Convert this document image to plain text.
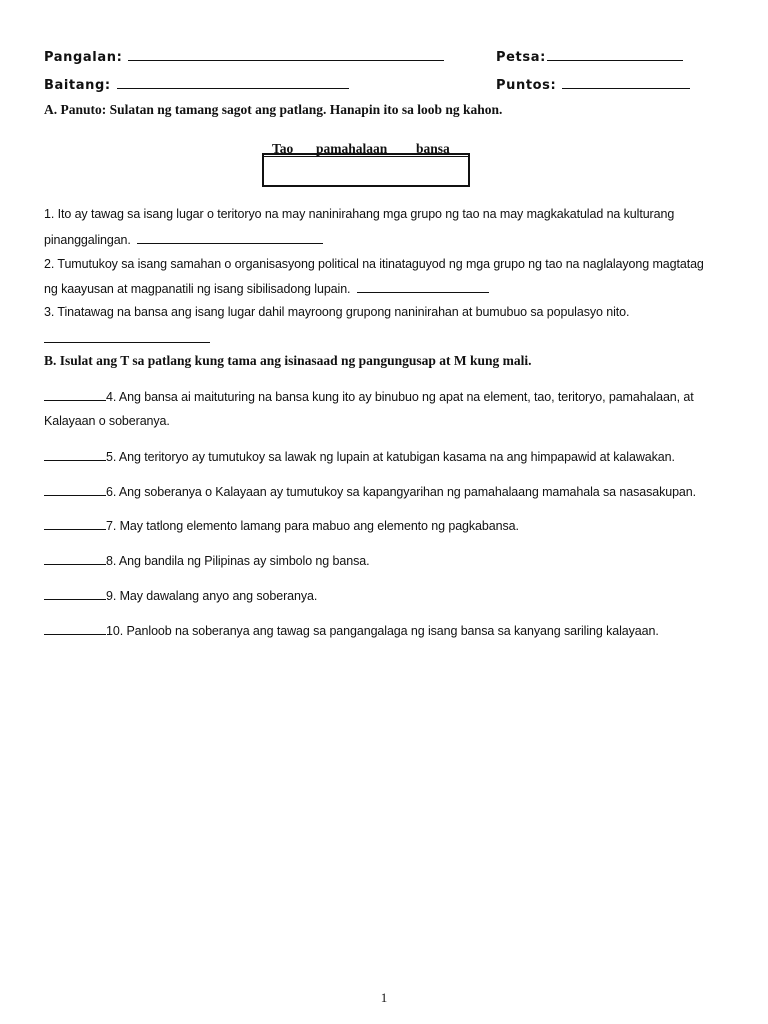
Pangalan:	Petsa:
Baitang:	Puntos:
A. Panuto: Sulatan ng tamang sagot ang patlang. Hanapin ito sa loob ng kahon.
Tao pamahalaan bansa
1. Ito ay tawag sa isang lugar o teritoryo na may naninirahang mga grupo ng tao na may magkakatulad na kulturang
pinanggalingan.
2. Tumutukoy sa isang samahan o organisasyong political na itinataguyod ng mga grupo ng tao na naglalayong magtatag
ng kaayusan at magpanatili ng isang sibilisadong lupain.
3. Tinatawag na bansa ang isang lugar dahil mayroong grupong naninirahan at bumubuo sa populasyo nito.
B. Isulat ang T sa patlang kung tama ang isinasaad ng pangungusap at M kung mali.
4. Ang bansa ai maituturing na bansa kung ito ay binubuo ng apat na element, tao, teritoryo, pamahalaan, at
Kalayaan o soberanya.
5. Ang teritoryo ay tumutukoy sa lawak ng lupain at katubigan kasama na ang himpapawid at kalawakan.
6. Ang soberanya o Kalayaan ay tumutukoy sa kapangyarihan ng pamahalaang mamahala sa nasasakupan.
7. May tatlong elemento lamang para mabuo ang elemento ng pagkabansa.
8. Ang bandila ng Pilipinas ay simbolo ng bansa.
9. May dawalang anyo ang soberanya.
10. Panloob na soberanya ang tawag sa pangangalaga ng isang bansa sa kanyang sariling kalayaan.
1
